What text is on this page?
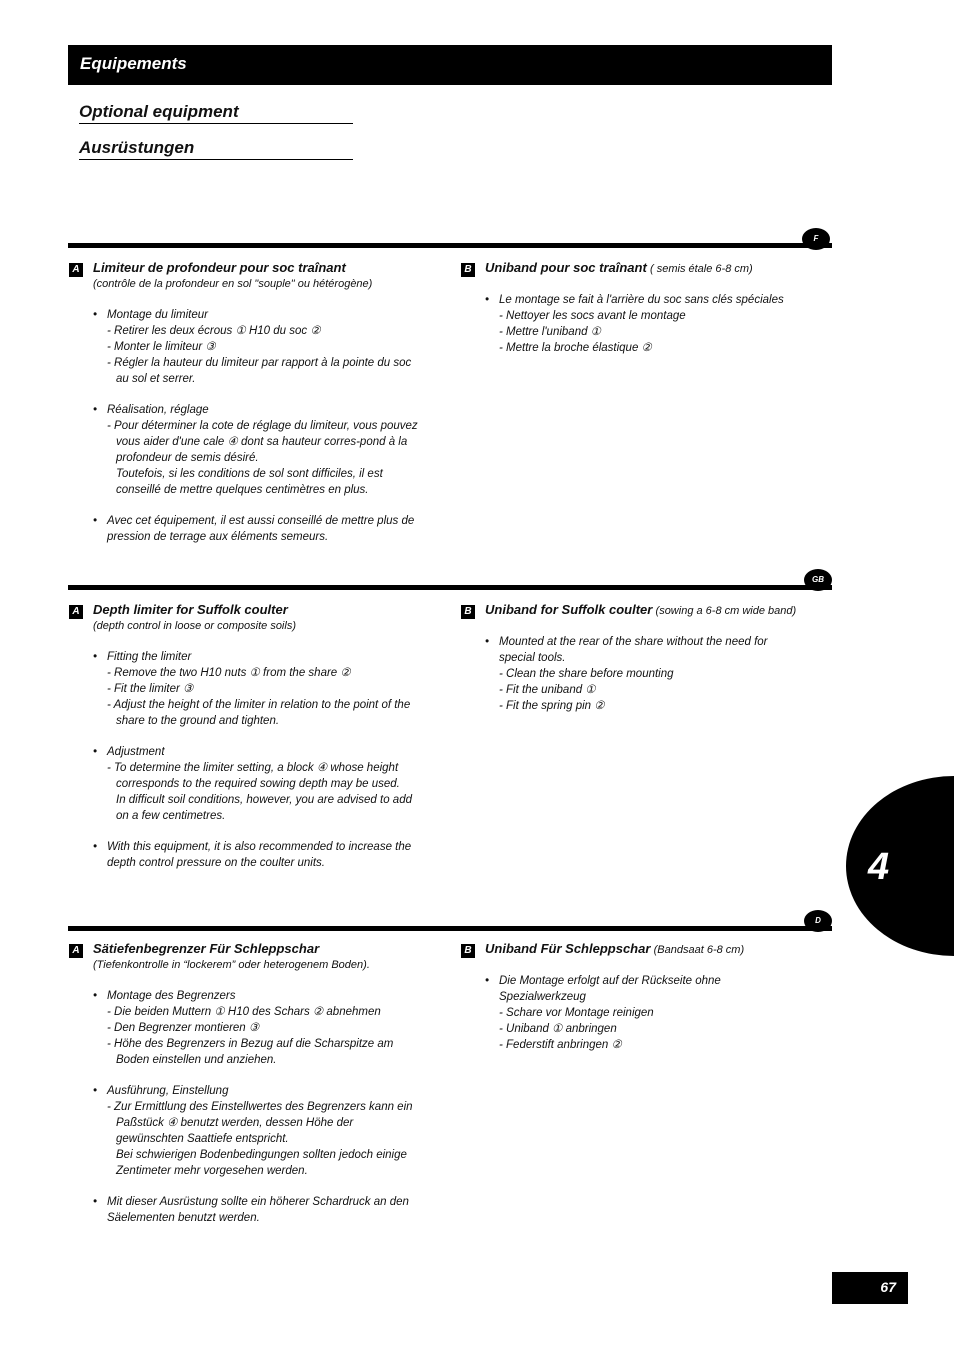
Equipements
Optional equipment
Ausrüstungen
F
A Limiteur de profondeur pour soc traînant
(contrôle de la profondeur en sol "souple" ou hétérogène)
• Montage du limiteur
- Retirer les deux écrous ① H10 du soc ②
- Monter le limiteur ③
- Régler la hauteur du limiteur par rapport à la pointe du soc au sol et serrer.
• Réalisation, réglage
- Pour déterminer la cote de réglage du limiteur, vous pouvez vous aider d'une cale ④ dont sa hauteur corres-pond à la profondeur de semis désiré.
Toutefois, si les conditions de sol sont difficiles, il est conseillé de mettre quelques centimètres en plus.
• Avec cet équipement, il est aussi conseillé de mettre plus de pression de terrage aux éléments semeurs.
B Uniband pour soc traînant ( semis étale 6-8 cm)
• Le montage se fait à l'arrière du soc sans clés spéciales
- Nettoyer les socs avant le montage
- Mettre l'uniband ①
- Mettre la broche élastique ②
GB
A Depth limiter for Suffolk coulter
(depth control in loose or composite soils)
• Fitting the limiter
- Remove the two H10 nuts ① from the share ②
- Fit the limiter ③
- Adjust the height of the limiter in relation to the point of the share to the ground and tighten.
• Adjustment
- To determine the limiter setting, a block ④ whose height corresponds to the required sowing depth may be used.
In difficult soil conditions, however, you are advised to add on a few centimetres.
• With this equipment, it is also recommended to increase the depth control pressure on the coulter units.
B Uniband for Suffolk coulter (sowing a 6-8 cm wide band)
• Mounted at the rear of the share without the need for special tools.
- Clean the share before mounting
- Fit the uniband ①
- Fit the spring pin ②
D
A Sätiefenbegrenzer Für Schleppschar
(Tiefenkontrolle in “lockerem” oder heterogenem Boden).
• Montage des Begrenzers
- Die beiden Muttern ① H10 des Schars ② abnehmen
- Den Begrenzer montieren ③
- Höhe des Begrenzers in Bezug auf die Scharspitze am Boden einstellen und anziehen.
• Ausführung, Einstellung
- Zur Ermittlung des Einstellwertes des Begrenzers kann ein Paßstück ④ benutzt werden, dessen Höhe der gewünschten Saattiefe entspricht.
Bei schwierigen Bodenbedingungen sollten jedoch einige Zentimeter mehr vorgesehen werden.
• Mit dieser Ausrüstung sollte ein höherer Schardruck an den Säelementen benutzt werden.
B Uniband Für Schleppschar (Bandsaat 6-8 cm)
• Die Montage erfolgt auf der Rückseite ohne Spezialwerkzeug
- Schare vor Montage reinigen
- Uniband ① anbringen
- Federstift anbringen ②
4
67
